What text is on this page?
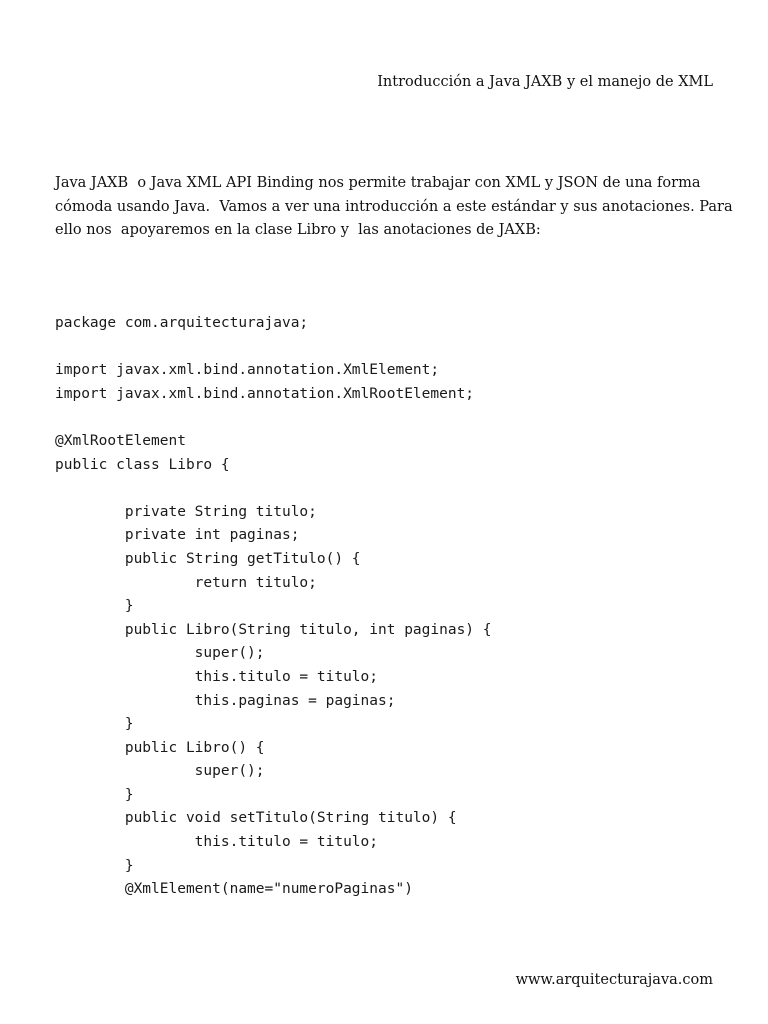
Introducción a Java JAXB y el manejo de XML

Java JAXB  o Java XML API Binding nos permite trabajar con XML y JSON de una forma

cómoda usando Java.  Vamos a ver una introducción a este estándar y sus anotaciones. Para

ello nos  apoyaremos en la clase Libro y  las anotaciones de JAXB:

package com.arquitecturajava;
import javax.xml.bind.annotation.XmlElement;
import javax.xml.bind.annotation.XmlRootElement;
@XmlRootElement
public class Libro {
private String titulo;
private int paginas;
public String getTitulo() {
return titulo;
}
public Libro(String titulo, int paginas) {
super();
this.titulo = titulo;
this.paginas = paginas;
}
public Libro() {
super();
}
public void setTitulo(String titulo) {
this.titulo = titulo;
}
@XmlElement(name="numeroPaginas")
www.arquitecturajava.com
